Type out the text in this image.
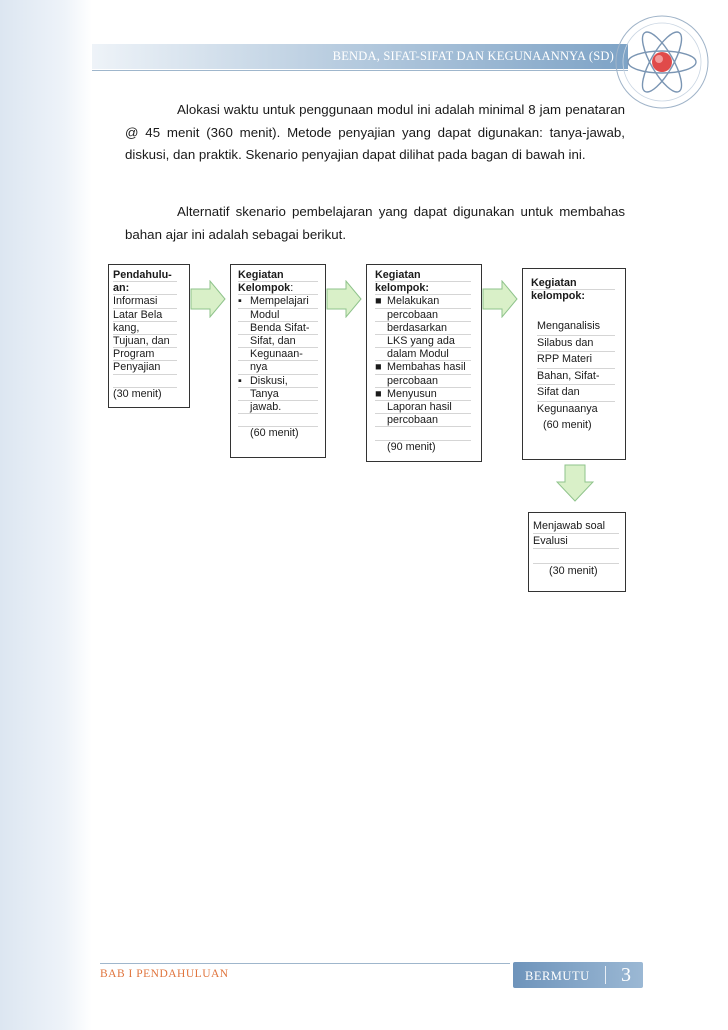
BENDA, SIFAT-SIFAT DAN KEGUNAANNYA (SD)

Alokasi waktu untuk penggunaan modul ini adalah minimal 8 jam penataran @ 45 menit (360 menit). Metode penyajian yang dapat digunakan: tanya-jawab, diskusi, dan praktik. Skenario penyajian dapat dilihat pada bagan di bawah ini.

Alternatif skenario pembelajaran yang dapat digunakan untuk membahas bahan ajar ini adalah sebagai berikut.

Pendahulu-
an:
Informasi
Latar Bela
kang,
Tujuan, dan
Program
Penyajian

(30 menit)
Kegiatan
Kelompok:
▪ Mempelajari
Modul
Benda Sifat-
Sifat, dan
Kegunaan-
nya
▪ Diskusi,
Tanya
jawab.

(60 menit)
Kegiatan
kelompok:
■ Melakukan
percobaan
berdasarkan
LKS yang ada
dalam Modul
■ Membahas hasil
percobaan
■ Menyusun
Laporan hasil
percobaan

(90 menit)
Kegiatan
kelompok:
Menganalisis
Silabus dan
RPP Materi
Bahan, Sifat-
Sifat dan
Kegunaanya
(60 menit)
Menjawab soal
Evalusi

(30 menit)
BAB I PENDAHULUAN	BERMUTU 3
